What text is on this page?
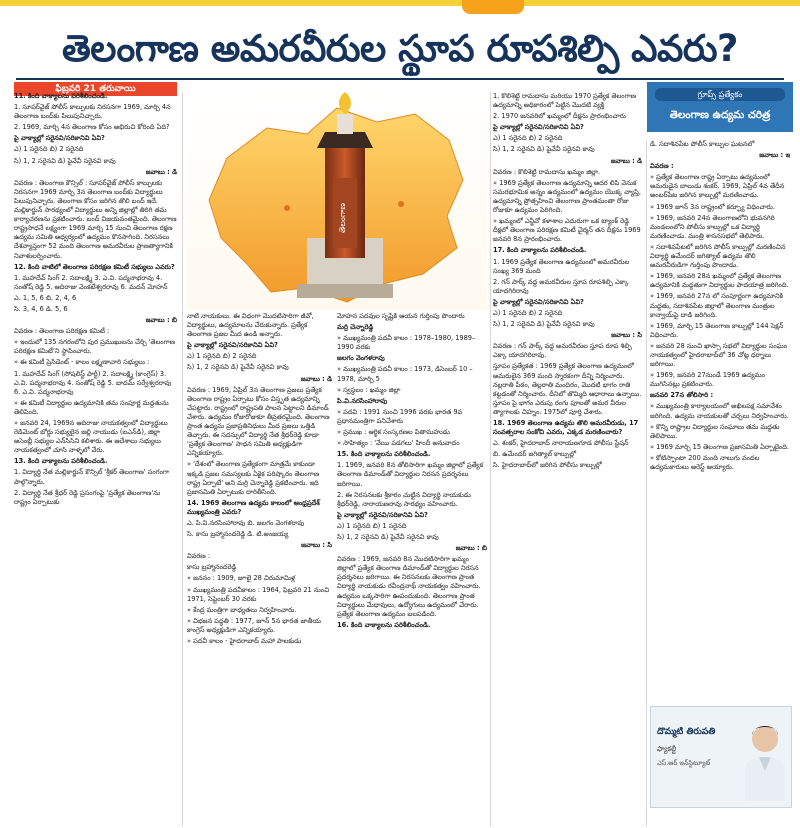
తెలంగాణ అమరవీరుల స్థూప రూపశిల్పి ఎవరు?
ఫిబ్రవరి 21 తరువాయి
గ్రూప్స్ ప్రత్యేకం
తెలంగాణ ఉద్యమ చరిత్ర
తెలంగాణ

11. కింది వాక్యాలను పరిశీలించండి.

1. సూపర్‌వైజ్ పోలీస్ కాల్పులకు నిరసనగా 1969, మార్చి 4న తెలంగాణ బంద్‌కు పిలుపునిచ్చారు.

2. 1969, మార్చి 4న తెలంగాణ కోసం అభిరుచి కోరింది ఏది?

పై వాక్యాల్లో సరైనవి/సరికానివి ఏవి?

ఎ) 1 సరైనది బి) 2 సరైనది

సి) 1, 2 సరైనవి డి) పైవేవీ సరైనవి కావు

జవాబు : డి

వివరణ : తెలంగాణ కౌన్సిల్ : సూపర్‌వైజ్ పోలీస్ కాల్పులకు నిరసనగా 1969 మార్చి 3న తెలంగాణ బంద్‌కు విద్యార్థులు పిలుపునిచ్చారు. తెలంగాణ కోసం జరిగిన తొలి బంద్ ఇదే. మల్లికార్జున్ సారథ్యంలో విద్యార్థులు అన్ని జిల్లాల్లో తిరిగి తమ కార్యాచరణను ప్రకటించారు. బంద్ విజయవంతమైంది. తెలంగాణ రాష్ట్రసాధనే లక్ష్యంగా 1969 మార్చి 15 నుంచి తెలంగాణ రక్షణ ఉద్యమ సమితి ఆధ్వర్యంలో ఉద్యమం కొనసాగింది. నిరసనలు దేశవ్యాప్తంగా 52 మంది తెలంగాణ అమరవీరుల ప్రాణత్యాగానికి నివాళులర్పించారు.

12. కింది వాటిలో తెలంగాణ పరిరక్షణ కమిటీ సభ్యులు ఎవరు?

1. మహదేవ్ సింగ్ 2. సదాలక్ష్మి 3. ఎ.వి. పద్మనాభరావు 4. సంతోష్ రెడ్డి 5. ఆదిరాజు వెంకటేశ్వరరావు 6. మదన్ మోహన్

ఎ. 1, 5, 6 బి. 2, 4, 6

సి. 3, 4, 6 డి. 5, 6

జవాబు : బి

వివరణ : తెలంగాణ పరిరక్షణ కమిటీ :

» ఇందులో 135 నగరంలోని పుర ప్రముఖులను చేర్చి 'తెలంగాణ పరిరక్షణ కమిటీ'ని స్థాపించారు.

» ఈ కమిటీ ప్రెసిడెంట్ - కాలం లక్ష్మణాచారి సభ్యులు :

1. మహదేవ్ సింగ్ (సోషలిస్ట్ పార్టీ) 2. సదాలక్ష్మి (కాంగ్రెస్) 3. ఎ.వి. పద్మనాభరావు 4. సంతోష్ రెడ్డి 5. బాదమ్ సర్వేశ్వరరావు 6. ఎ.వి. పద్మనాభరావు

» ఈ కమిటీ విద్యార్థుల ఉద్యమానికి తమ సంపూర్ణ మద్దతును తెలిపింది.

» జనవరి 24, 1969న ఆదిరాజు నాయకత్వంలో విద్యార్థులు రెడిమెంట్ బోర్డు సభ్యులైన జల్లి నాయుడు (ఐఎన్‌డి), జిల్లా అసెంబ్లీ సభ్యుల ఎన్‌సిసిని కలిశారు. ఈ ఆదేశాలు సభ్యులు నాయకత్వంలో చూసి నాళ్ళలో వేరు.

13. కింది వాక్యాలను పరిశీలించండి.

1. విద్యార్థి నేత మల్లికార్జున్ కౌన్సిల్ 'శ్రీకర్ తెలంగాణ' సంగంగా పాల్గొన్నారు.

2. విద్యార్థి నేత శ్రీధర్ రెడ్డి ప్రసంగంపై 'ప్రత్యేక తెలంగాణ'ను రాష్ట్రం ఏర్పాటుకు

నాటి నాయకులు. ఈ విధంగా మొదటిసారిగా జీవో, విద్యార్థులు, ఉద్యమాలను చేరుకున్నారు. ప్రత్యేక తెలంగాణ ప్రజల మీద ఉండి అన్నారు.

పై వాక్యాల్లో సరైనవి/సరికానివి ఏవి?

ఎ) 1 సరైనది బి) 2 సరైనది

సి) 1, 2 సరైనవి డి) పైవేవీ సరైనవి కావు

జవాబు : డి

వివరణ : 1969, ఏప్రిల్ 3న తెలంగాణ ప్రజలు ప్రత్యేక తెలంగాణ రాష్ట్రం ఏర్పాటు కోసం విస్తృత ఉద్యమాన్ని చేపట్టారు. రాష్ట్రంలో రాష్ట్రపతి పాలన పెట్టాలని డిమాండ్ చేశారు. ఉద్యమం రోజురోజుకూ తీవ్రతరమైంది. తెలంగాణ ప్రాంత ఉద్యమ ప్రజాప్రతినిధులు మీద ప్రజలు ఒత్తిడి తెచ్చారు. ఈ సదస్సులో విద్యార్థి నేత శ్రీధర్‌రెడ్డి కూడా 'ప్రత్యేక తెలంగాణ' సాధన సమితి అధ్యక్షుడిగా ఎన్నికయ్యారు.

» 'దేశంలో తెలంగాణ ప్రత్యేకంగా మాత్రమే కాకుండా ఇక్కడి ప్రజల సమస్యలకు ఏకైక పరిష్కారం తెలంగాణ రాష్ట్ర ఏర్పాటే' అని మర్రి చెన్నారెడ్డి ప్రకటించారు. ఇది ప్రజాసమితి ఏర్పాటుకు దారితీసింది.

14. 1969 తెలంగాణ ఉద్యమ కాలంలో ఆంధ్రప్రదేశ్ ముఖ్యమంత్రి ఎవరు?

ఎ. పి.వి.నరసింహారావు బి. జలగం వెంగళరావు

సి. కాసు బ్రహ్మానందరెడ్డి డి. టి.అంజయ్య

జవాబు : సి

వివరణ :

కాసు బ్రహ్మానందరెడ్డి

» జననం : 1909, జూలై 28 చిరుమామిళ్ల

» ముఖ్యమంత్రి పదవీకాలం : 1964, ఫిబ్రవరి 21 నుంచి 1971, సెప్టెంబర్ 30 వరకు

» కేంద్ర మంత్రిగా బాధ్యతలు నిర్వహించారు.

» విభజన పద్ధతి : 1977, జూన్ 5న భారత జాతీయ కాంగ్రెస్ అధ్యక్షుడిగా ఎన్నికయ్యారు.

» పదవీ కాలం - హైదరాబాద్ మహా పాలకుడు

మోహన పదవుల సృష్టికి ఆయన గుర్తింపు పొందారు

మర్రి చెన్నారెడ్డి

» ముఖ్యమంత్రి పదవీ కాలం : 1978–1980, 1989–1990 వరకు

జలగం వెంగళరావు

» ముఖ్యమంత్రి పదవీ కాలం : 1973, డిసెంబర్ 10 – 1978, మార్చి 5

» స్వస్థలం : ఖమ్మం జిల్లా

పి.వి.నరసింహారావు

» పదవి : 1991 నుంచి 1996 వరకు భారత 9వ ప్రధానమంత్రిగా పనిచేశారు

» ప్రముఖ : ఆర్థిక సంస్కరణల పితామహుడు

» సాహిత్యం : 'వేయి పడగలు' హిందీ అనువాదం

15. కింది వాక్యాలను పరిశీలించండి.

1. 1969, జనవరి 8న తోలిసారిగా ఖమ్మం జిల్లాలో ప్రత్యేక తెలంగాణ డిమాండ్‌తో విద్యార్థుల నిరసన ప్రదర్శనలు జరిగాయి.

2. ఈ నిరసనలకు శ్రీకారం చుట్టిన విద్యార్థి నాయకుడు శ్రీధర్‌రెడ్డి, నారాయణరావు సారథ్యం వహించారు.

పై వాక్యాల్లో సరైనవి/సరికానివి ఏవి?

ఎ) 1 సరైనది బి) 1 సరైనది

సి) 1, 2 సరైనవి డి) పైవేవీ సరైనవి కావు

జవాబు : బి

వివరణ : 1969, జనవరి 8న మొదటిసారిగా ఖమ్మం జిల్లాలో ప్రత్యేక తెలంగాణ డిమాండ్‌తో విద్యార్థుల నిరసన ప్రదర్శనలు జరిగాయి. ఈ నిరసనలకు తెలంగాణ ప్రాంత విద్యార్థి నాయకుడు రవీంద్రనాథ్ నాయకత్వం వహించారు. ఉద్యమం ఒక్కసారిగా ఊపందుకుంది. తెలంగాణ ప్రాంత విద్యార్థులు మేధావులు, ఉద్యోగులు ఉద్యమంలో చేరారు. ప్రత్యేక తెలంగాణ ఉద్యమం బలపడింది.

16. కింది వాక్యాలను పరిశీలించండి.

1. కొలిశెట్టి రామదాసు మరియు 1970 ప్రత్యేక తెలంగాణ ఉద్యమాన్ని అధికారంలో పెట్టిన మొదటి వ్యక్తి

2. 1970 జనవరిలో ఖమ్మంలో దీక్షను ప్రారంభించారు

పై వాక్యాల్లో సరైనవి/సరికానివి ఏవి?

ఎ) 1 సరైనది బి) 2 సరైనది

సి) 1, 2 సరైనవి డి) పైవేవీ సరైనవి కావు

జవాబు : డి

వివరణ : కొలిశెట్టి రామదాసు ఖమ్మం జిల్లా.

» 1969 ప్రత్యేక తెలంగాణ ఉద్యమాన్ని ఆదర లిపి వెనుక సమరభూమిక అన్నం ఉద్యమంలో ఉద్యమం యొక్క వ్యాప్తి, ఉద్యమాన్ని ప్రోత్సహించి తెలంగాణ ప్రాంతమంతా రోజు రోజుకూ ఉద్యమం పెరిగింది.

» ఖమ్మంలో ఎన్జీవో కళాశాల ఎదురుగా ఒక ట్యాంక్ రెడ్డి దీక్షలో తెలంగాణ పరిరక్షణ కమిటీ చైర్మన్ తన దీక్షను 1969 జనవరి 8న ప్రారంభించారు.

17. కింది వాక్యాలను పరిశీలించండి.

1. 1969 ప్రత్యేక తెలంగాణ ఉద్యమంలో అమరవీరుల సంఖ్య 369 మంది

2. గన్ పార్క్ వద్ద అమరవీరుల స్తూప రూపశిల్పి ఎక్కా యాదగిరిరావు

పై వాక్యాల్లో సరైనవి/సరికానివి ఏవి?

ఎ) 1 సరైనది బి) 2 సరైనది

సి) 1, 2 సరైనవి డి) పైవేవీ సరైనవి కావు

జవాబు : సి

వివరణ : గన్ పార్క్ వద్ద అమరవీరుల స్తూప రూప శిల్పి ఎక్కా యాదగిరిరావు.

స్తూపం ప్రత్యేకత : 1969 ప్రత్యేక తెలంగాణ ఉద్యమంలో అమరులైన 369 మంది స్మారకంగా దీన్ని నిర్మించారు. నల్లరాతి పీఠం, తెల్లరాతి మందిరం, మొదటి భాగం రాతి కట్టడంతో నిర్మించారు. దీనిలో తొమ్మిది ఆధారాలు ఉన్నాయి. స్తూపం పై భాగం ఎరుపు రంగు పూలతో అమర వీరుల త్యాగాలకు చిహ్నం. 1975లో పూర్తి చేశారు.

18. 1969 తెలంగాణ ఉద్యమ తొలి అమరవీరుడు, 17 సంవత్సరాల సంకోచి ఎవరు, ఎక్కడ మరణించారు?

ఎ. శంకర్, హైదరాబాద్ నారాయణగూడ పోలీసు స్టేషన్

బి. ఉమేందర్ జగిత్యాల్ కాల్పుల్లో

సి. హైదరాబాద్‌లో జరిగిన పోలీసు కాల్పుల్లో

డి. సదాశివపేట పోలీస్ కాల్పుల ఘటనలో

జవాబు : ఇ

వివరణ :

» ప్రత్యేక తెలంగాణ రాష్ట్ర ఏర్పాటు ఉద్యమంలో అమరుడైన బాలుడు శంకర్. 1969, ఏప్రిల్ 4వ తేదీన అంబర్‌పేట జరిగిన కాల్పుల్లో మరణించాడు.

» 1969 జూన్ 3న రాష్ట్రంలో కర్ఫ్యూ విధించారు.

» 1969, జనవరి 24న తెలంగాణలోని భువనగిరి మండలంలోని పోలీసు కాల్పుల్లో ఒక విద్యార్థి మరణించాడు. మంత్రి శాసనసభలో తెలిపారు.

» సదాశివపేటలో జరిగిన పోలీస్ కాల్పుల్లో మరణించిన విద్యార్థి ఉమేందర్ జగిత్యాల్ ఉద్యమ తొలి అమరవీరుడిగా గుర్తింపు పొందాడు.

» 1969, జనవరి 28న ఖమ్మంలో ప్రత్యేక తెలంగాణ ఉద్యమానికి మద్దతుగా విద్యార్థుల పాదయాత్ర జరిగింది.

» 1969, జనవరి 27న లో సంపూర్ణంగా ఉద్యమానికి మద్దతు, సదాశివపేట జిల్లాలో తెలంగాణ మంత్రుల కాన్వాయ్‌పై దాడి జరిగింది.

» 1969, మార్చి 15 తెలంగాణ కాల్పుల్లో 144 సెక్షన్ విధించారు.

» జనవరి 28 నుంచి ఖాస్సా సభలో విద్యార్థుల సంఘం నాయకత్వంలో హైదరాబాద్‌లో 36 చోట్ల ధర్నాలు జరిగాయి.

» 1969, జనవరి 27నుండే 1969 ఉద్యమం ముగిసినట్లు ప్రకటించారు.

జనవరి 27న తోలిసారి :

» ముఖ్యమంత్రి కార్యాలయంలో అఖిలపక్ష సమావేశం జరిగింది. ఉద్యమ నాయకులతో చర్చలు నిర్వహించారు.

» కొన్ని రాష్ట్రాల విద్యార్థుల సంఘాలు తమ మద్దతు తెలిపాయి.

» 1969 మార్చి 15 తెలంగాణ ప్రజాసమితి ఏర్పాటైంది.

» కోటిస్పాంటా 200 మంది నాలుగు వందల ఉద్యమకారులు అరెస్ట్ అయ్యారు.

దొమ్మటి తిరుపతి
ఫ్యాకల్టీ
ఎస్.ఆర్ ఇన్‌స్టిట్యూట్
